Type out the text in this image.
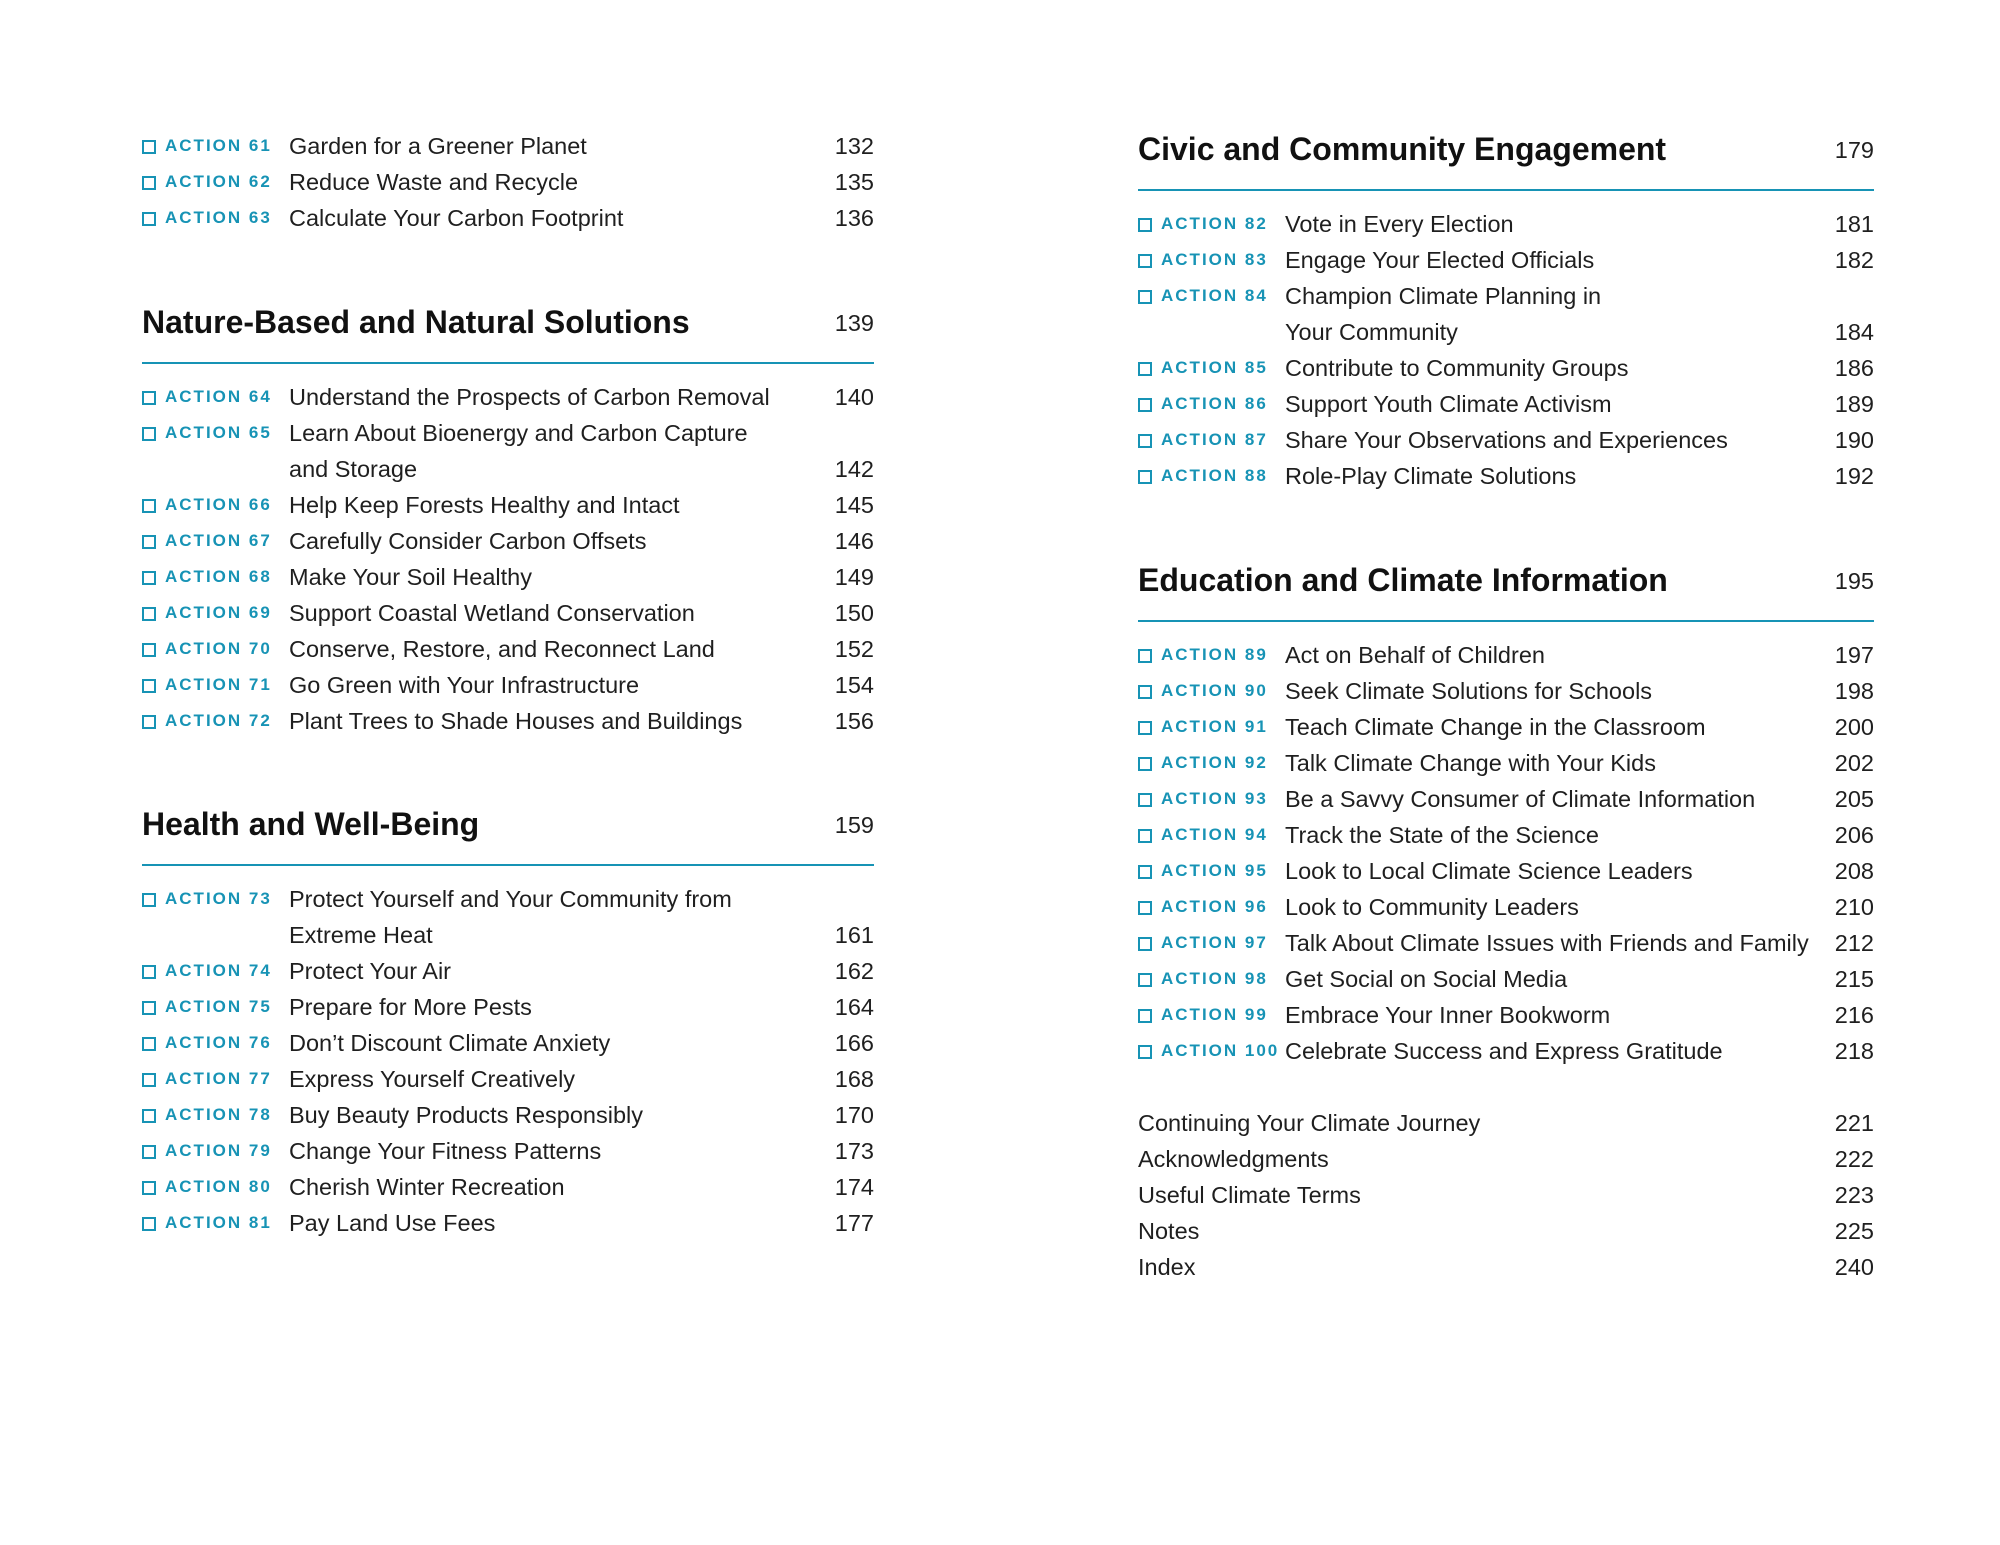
ACTION 61 Garden for a Greener Planet	132
ACTION 62 Reduce Waste and Recycle	135
ACTION 63 Calculate Your Carbon Footprint	136
Nature-Based and Natural Solutions	139
ACTION 64 Understand the Prospects of Carbon Removal	140
ACTION 65 Learn About Bioenergy and Carbon Capture
and Storage	142
ACTION 66 Help Keep Forests Healthy and Intact	145
ACTION 67 Carefully Consider Carbon Offsets	146
ACTION 68 Make Your Soil Healthy	149
ACTION 69 Support Coastal Wetland Conservation	150
ACTION 70 Conserve, Restore, and Reconnect Land	152
ACTION 71 Go Green with Your Infrastructure	154
ACTION 72 Plant Trees to Shade Houses and Buildings	156
Health and Well-Being	159
ACTION 73 Protect Yourself and Your Community from
Extreme Heat	161
ACTION 74 Protect Your Air	162
ACTION 75 Prepare for More Pests	164
ACTION 76 Don’t Discount Climate Anxiety	166
ACTION 77 Express Yourself Creatively	168
ACTION 78 Buy Beauty Products Responsibly	170
ACTION 79 Change Your Fitness Patterns	173
ACTION 80 Cherish Winter Recreation	174
ACTION 81 Pay Land Use Fees	177
Civic and Community Engagement	179
ACTION 82 Vote in Every Election	181
ACTION 83 Engage Your Elected Officials	182
ACTION 84 Champion Climate Planning in
Your Community	184
ACTION 85 Contribute to Community Groups	186
ACTION 86 Support Youth Climate Activism	189
ACTION 87 Share Your Observations and Experiences	190
ACTION 88 Role-Play Climate Solutions	192
Education and Climate Information	195
ACTION 89 Act on Behalf of Children	197
ACTION 90 Seek Climate Solutions for Schools	198
ACTION 91 Teach Climate Change in the Classroom	200
ACTION 92 Talk Climate Change with Your Kids	202
ACTION 93 Be a Savvy Consumer of Climate Information	205
ACTION 94 Track the State of the Science	206
ACTION 95 Look to Local Climate Science Leaders	208
ACTION 96 Look to Community Leaders	210
ACTION 97 Talk About Climate Issues with Friends and Family 212
ACTION 98 Get Social on Social Media	215
ACTION 99 Embrace Your Inner Bookworm	216
ACTION 100 Celebrate Success and Express Gratitude	218
Continuing Your Climate Journey	221
Acknowledgments	222
Useful Climate Terms	223
Notes	225
Index	240
